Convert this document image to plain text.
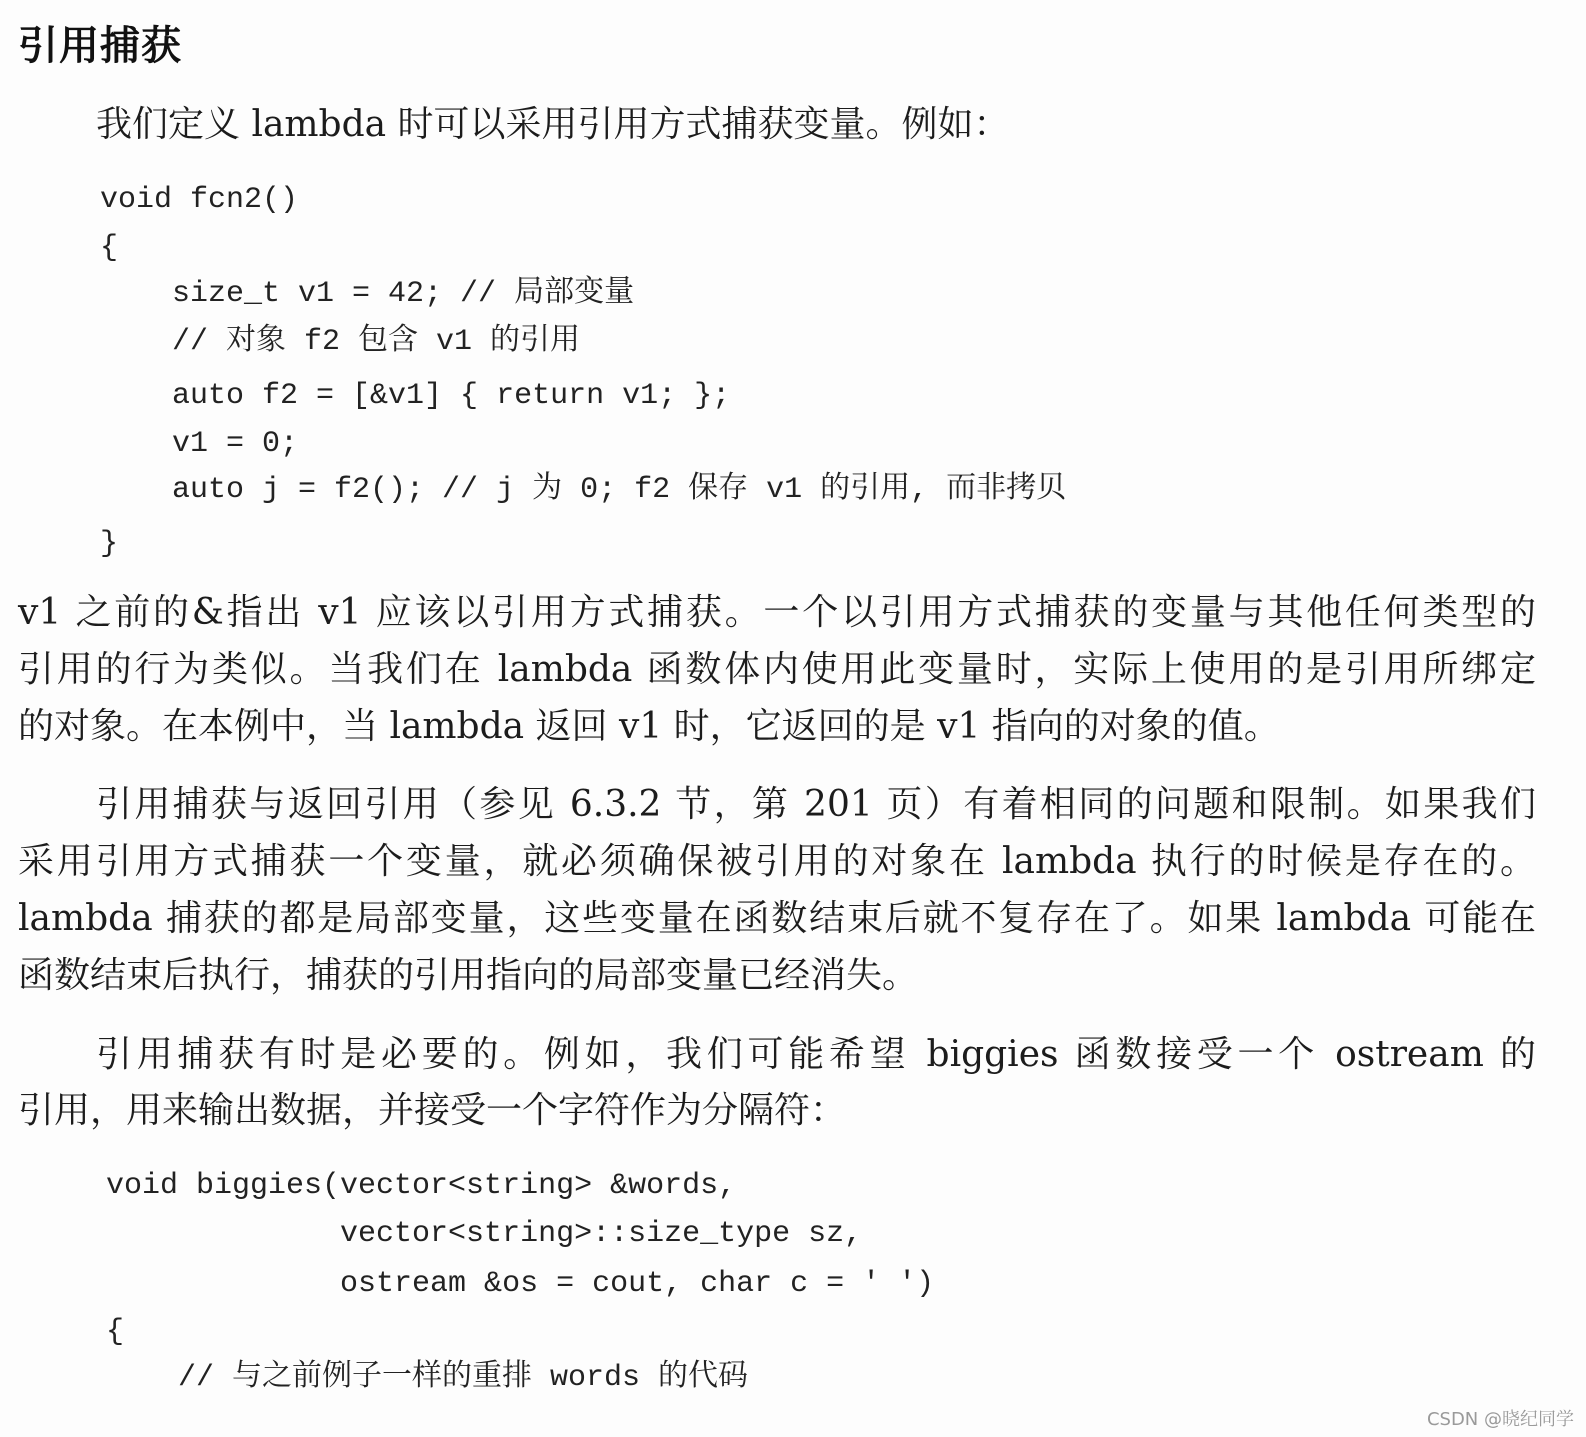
引用捕获
我们定义 lambda 时可以采用引用方式捕获变量。例如：
void fcn2()
{
size_t v1 = 42; // 局部变量
// 对象 f2 包含 v1 的引用
auto f2 = [&v1] { return v1; };
v1 = 0;
auto j = f2(); // j 为 0; f2 保存 v1 的引用, 而非拷贝
}
v1 之前的&指出 v1 应该以引用方式捕获。一个以引用方式捕获的变量与其他任何类型的
引用的行为类似。当我们在 lambda 函数体内使用此变量时，实际上使用的是引用所绑定
的对象。在本例中，当 lambda 返回 v1 时，它返回的是 v1 指向的对象的值。
引用捕获与返回引用（参见 6.3.2 节，第 201 页）有着相同的问题和限制。如果我们
采用引用方式捕获一个变量，就必须确保被引用的对象在 lambda 执行的时候是存在的。
lambda 捕获的都是局部变量，这些变量在函数结束后就不复存在了。如果 lambda 可能在
函数结束后执行，捕获的引用指向的局部变量已经消失。
引用捕获有时是必要的。例如，我们可能希望 biggies 函数接受一个 ostream 的
引用，用来输出数据，并接受一个字符作为分隔符：
void biggies(vector<string> &words,
vector<string>::size_type sz,
ostream &os = cout, char c = ' ')
{
// 与之前例子一样的重排 words 的代码
CSDN @晓纪同学
